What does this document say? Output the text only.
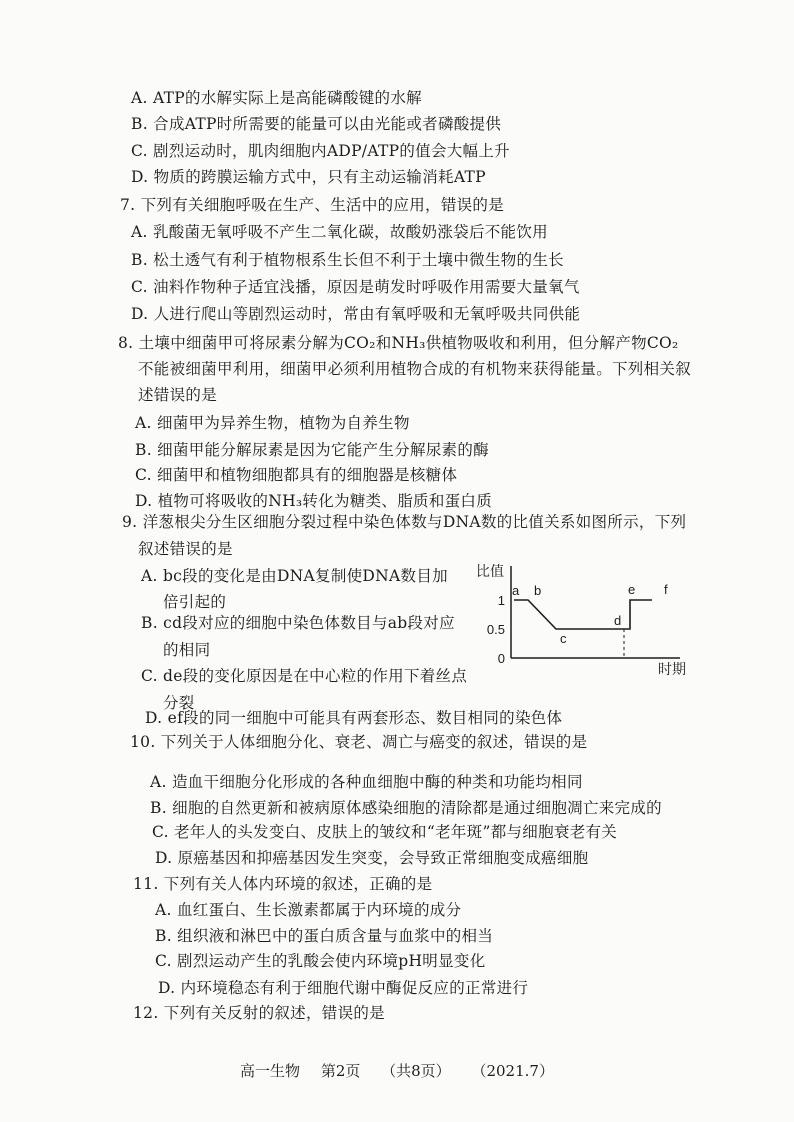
A. ATP的水解实际上是高能磷酸键的水解
B. 合成ATP时所需要的能量可以由光能或者磷酸提供
C. 剧烈运动时，肌肉细胞内ADP/ATP的值会大幅上升
D. 物质的跨膜运输方式中，只有主动运输消耗ATP
7. 下列有关细胞呼吸在生产、生活中的应用，错误的是
A. 乳酸菌无氧呼吸不产生二氧化碳，故酸奶涨袋后不能饮用
B. 松土透气有利于植物根系生长但不利于土壤中微生物的生长
C. 油料作物种子适宜浅播，原因是萌发时呼吸作用需要大量氧气
D. 人进行爬山等剧烈运动时，常由有氧呼吸和无氧呼吸共同供能
8. 土壤中细菌甲可将尿素分解为CO₂和NH₃供植物吸收和利用，但分解产物CO₂
不能被细菌甲利用，细菌甲必须利用植物合成的有机物来获得能量。下列相关叙
述错误的是
A. 细菌甲为异养生物，植物为自养生物
B. 细菌甲能分解尿素是因为它能产生分解尿素的酶
C. 细菌甲和植物细胞都具有的细胞器是核糖体
D. 植物可将吸收的NH₃转化为糖类、脂质和蛋白质
9. 洋葱根尖分生区细胞分裂过程中染色体数与DNA数的比值关系如图所示，下列
叙述错误的是
A. bc段的变化是由DNA复制使DNA数目加
倍引起的
B. cd段对应的细胞中染色体数目与ab段对应
的相同
C. de段的变化原因是在中心粒的作用下着丝点
分裂
D. ef段的同一细胞中可能具有两套形态、数目相同的染色体
10. 下列关于人体细胞分化、衰老、凋亡与癌变的叙述，错误的是
A. 造血干细胞分化形成的各种血细胞中酶的种类和功能均相同
B. 细胞的自然更新和被病原体感染细胞的清除都是通过细胞凋亡来完成的
C. 老年人的头发变白、皮肤上的皱纹和“老年斑”都与细胞衰老有关
D. 原癌基因和抑癌基因发生突变，会导致正常细胞变成癌细胞
11. 下列有关人体内环境的叙述，正确的是
A. 血红蛋白、生长激素都属于内环境的成分
B. 组织液和淋巴中的蛋白质含量与血浆中的相当
C. 剧烈运动产生的乳酸会使内环境pH明显变化
D. 内环境稳态有利于细胞代谢中酶促反应的正常进行
12. 下列有关反射的叙述，错误的是
比值
时期
0
0.5
1
a b
c
d
e f
高一生物 第2页 （共8页） （2021.7）
